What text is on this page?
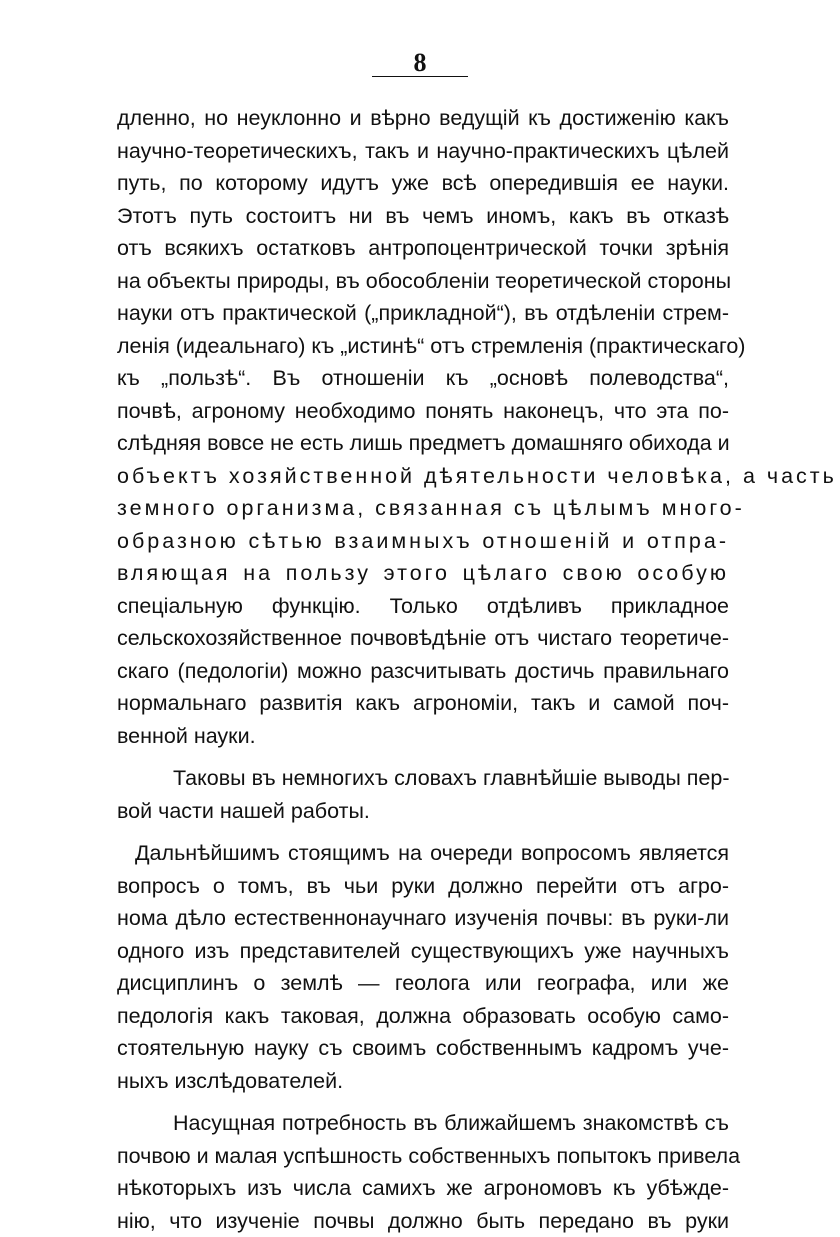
8
дленно, но неуклонно и вѣрно ведущій къ достиженію какъ
научно-теоретическихъ, такъ и научно-практическихъ цѣлей
путь, по которому идутъ уже всѣ опередившія ее науки.
Этотъ путь состоитъ ни въ чемъ иномъ, какъ въ отказѣ
отъ всякихъ остатковъ антропоцентрической точки зрѣнія
на объекты природы, въ обособленіи теоретической стороны
науки отъ практической („прикладной“), въ отдѣленіи стрем-
ленія (идеальнаго) къ „истинѣ“ отъ стремленія (практическаго)
къ „пользѣ“. Въ отношеніи къ „основѣ полеводства“,
почвѣ, агроному необходимо понять наконецъ, что эта по-
слѣдняя вовсе не есть лишь предметъ домашняго обихода и
объектъ хозяйственной дѣятельности человѣка, а часть
земного организма, связанная съ цѣлымъ много-
образною сѣтью взаимныхъ отношеній и отпра-
вляющая на пользу этого цѣлаго свою особую
спеціальную функцію. Только отдѣливъ прикладное
сельскохозяйственное почвовѣдѣніе отъ чистаго теоретиче-
скаго (педологіи) можно разсчитывать достичь правильнаго
нормальнаго развитія какъ агрономіи, такъ и самой поч-
венной науки.
Таковы въ немногихъ словахъ главнѣйшіе выводы пер-
вой части нашей работы.
Дальнѣйшимъ стоящимъ на очереди вопросомъ является
вопросъ о томъ, въ чьи руки должно перейти отъ агро-
нома дѣло естественнонаучнаго изученія почвы: въ руки-ли
одного изъ представителей существующихъ уже научныхъ
дисциплинъ о землѣ — геолога или географа, или же
педологія какъ таковая, должна образовать особую само-
стоятельную науку съ своимъ собственнымъ кадромъ уче-
ныхъ изслѣдователей.
Насущная потребность въ ближайшемъ знакомствѣ съ
почвою и малая успѣшность собственныхъ попытокъ привела
нѣкоторыхъ изъ числа самихъ же агрономовъ къ убѣжде-
нію, что изученіе почвы должно быть передано въ руки
